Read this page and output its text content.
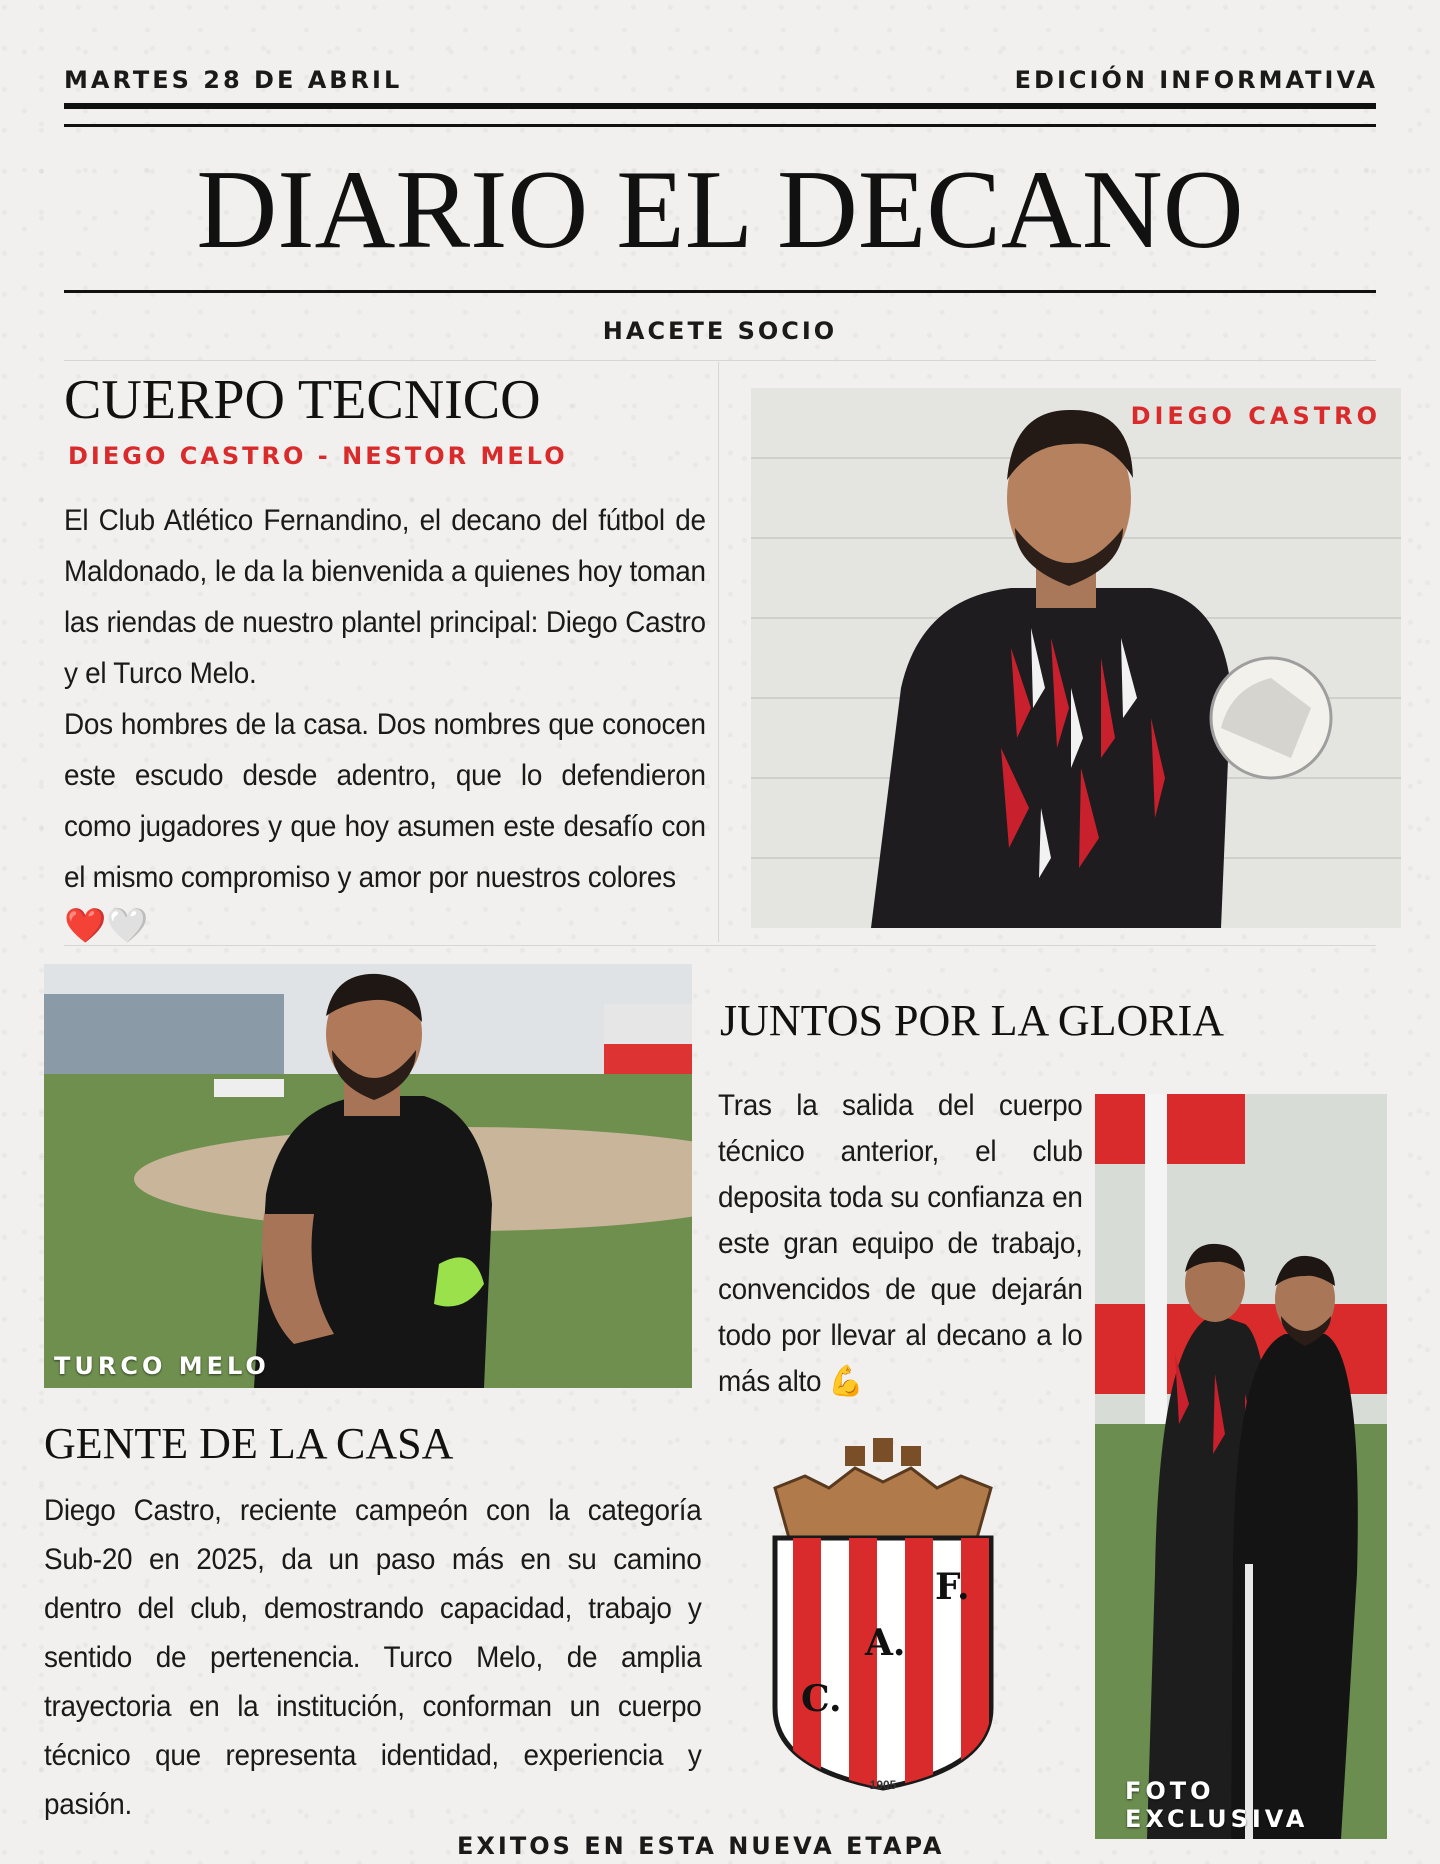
MARTES 28 DE ABRIL	EDICIÓN INFORMATIVA
DIARIO EL DECANO
HACETE SOCIO
CUERPO TECNICO
DIEGO CASTRO - NESTOR MELO
El Club Atlético Fernandino, el decano del fútbol de Maldonado, le da la bienvenida a quienes hoy toman las riendas de nuestro plantel principal: Diego Castro y el Turco Melo.
Dos hombres de la casa. Dos nombres que conocen este escudo desde adentro, que lo defendieron como jugadores y que hoy asumen este desafío con el mismo compromiso y amor por nuestros colores
❤️🤍
DIEGO CASTRO
TURCO MELO
JUNTOS POR LA GLORIA
Tras la salida del cuerpo técnico anterior, el club deposita toda su confianza en este gran equipo de trabajo, convencidos de que dejarán todo por llevar al decano a lo más alto 💪
FOTO EXCLUSIVA
GENTE DE LA CASA
Diego Castro, reciente campeón con la categoría Sub-20 en 2025, da un paso más en su camino dentro del club, demostrando capacidad, trabajo y sentido de pertenencia. Turco Melo, de amplia trayectoria en la institución, conforman un cuerpo técnico que representa identidad, experiencia y pasión.
F.
A.
C.
1905
EXITOS EN ESTA NUEVA ETAPA
